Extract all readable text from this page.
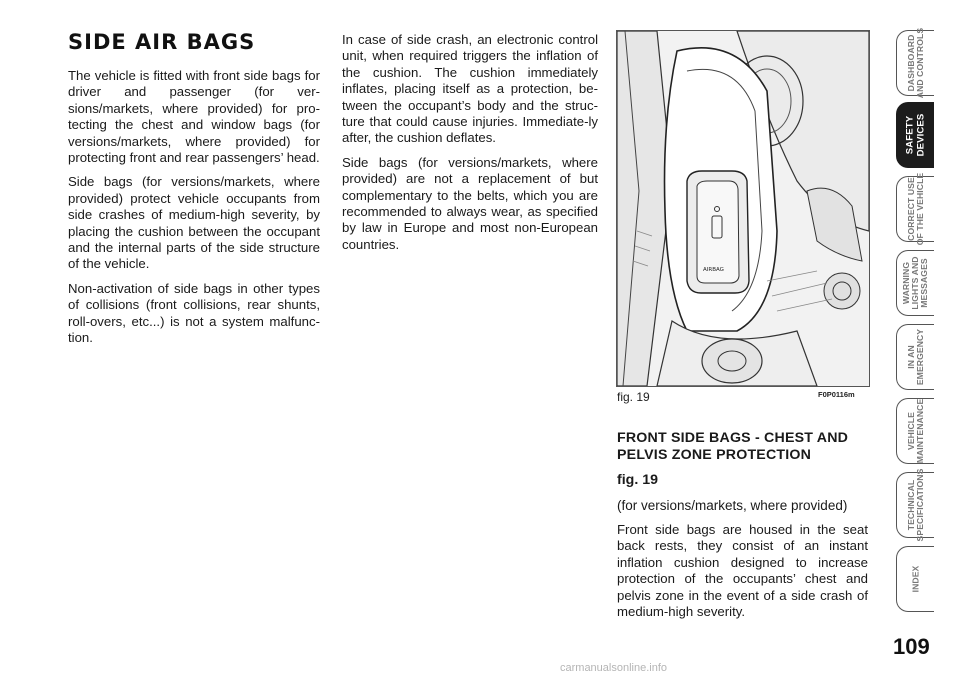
SIDE AIR BAGS

The vehicle is fitted with front side bags for driver and passenger (for ver-sions/markets, where provided) for pro-tecting the chest and window bags (for versions/markets, where provided) for protecting front and rear passengers’ head.

Side bags (for versions/markets, where provided) protect vehicle occupants from side crashes of medium-high severity, by placing the cushion between the occupant and the internal parts of the side structure of the vehicle.

Non-activation of side bags in other types of collisions (front collisions, rear shunts, roll-overs, etc...) is not a system malfunc-tion.

In case of side crash, an electronic control unit, when required triggers the inflation of the cushion. The cushion immediately inflates, placing itself as a protection, be-tween the occupant’s body and the struc-ture that could cause injuries. Immediate-ly after, the cushion deflates.

Side bags (for versions/markets, where provided) are not a replacement of but complementary to the belts, which you are recommended to always wear, as specified by law in Europe and most non-European countries.

AIRBAG
fig. 19	F0P0116m

FRONT SIDE BAGS - CHEST AND PELVIS ZONE PROTECTION

fig. 19

(for versions/markets, where provided)

Front side bags are housed in the seat back rests, they consist of an instant inflation cushion designed to increase protection of the occupants’ chest and pelvis zone in the event of a side crash of medium-high severity.

DASHBOARD
AND CONTROLS
SAFETY
DEVICES
CORRECT USE
OF THE VEHICLE
WARNING
LIGHTS AND
MESSAGES
IN AN
EMERGENCY
VEHICLE
MAINTENANCE
TECHNICAL
SPECIFICATIONS
INDEX
109
carmanualsonline.info
